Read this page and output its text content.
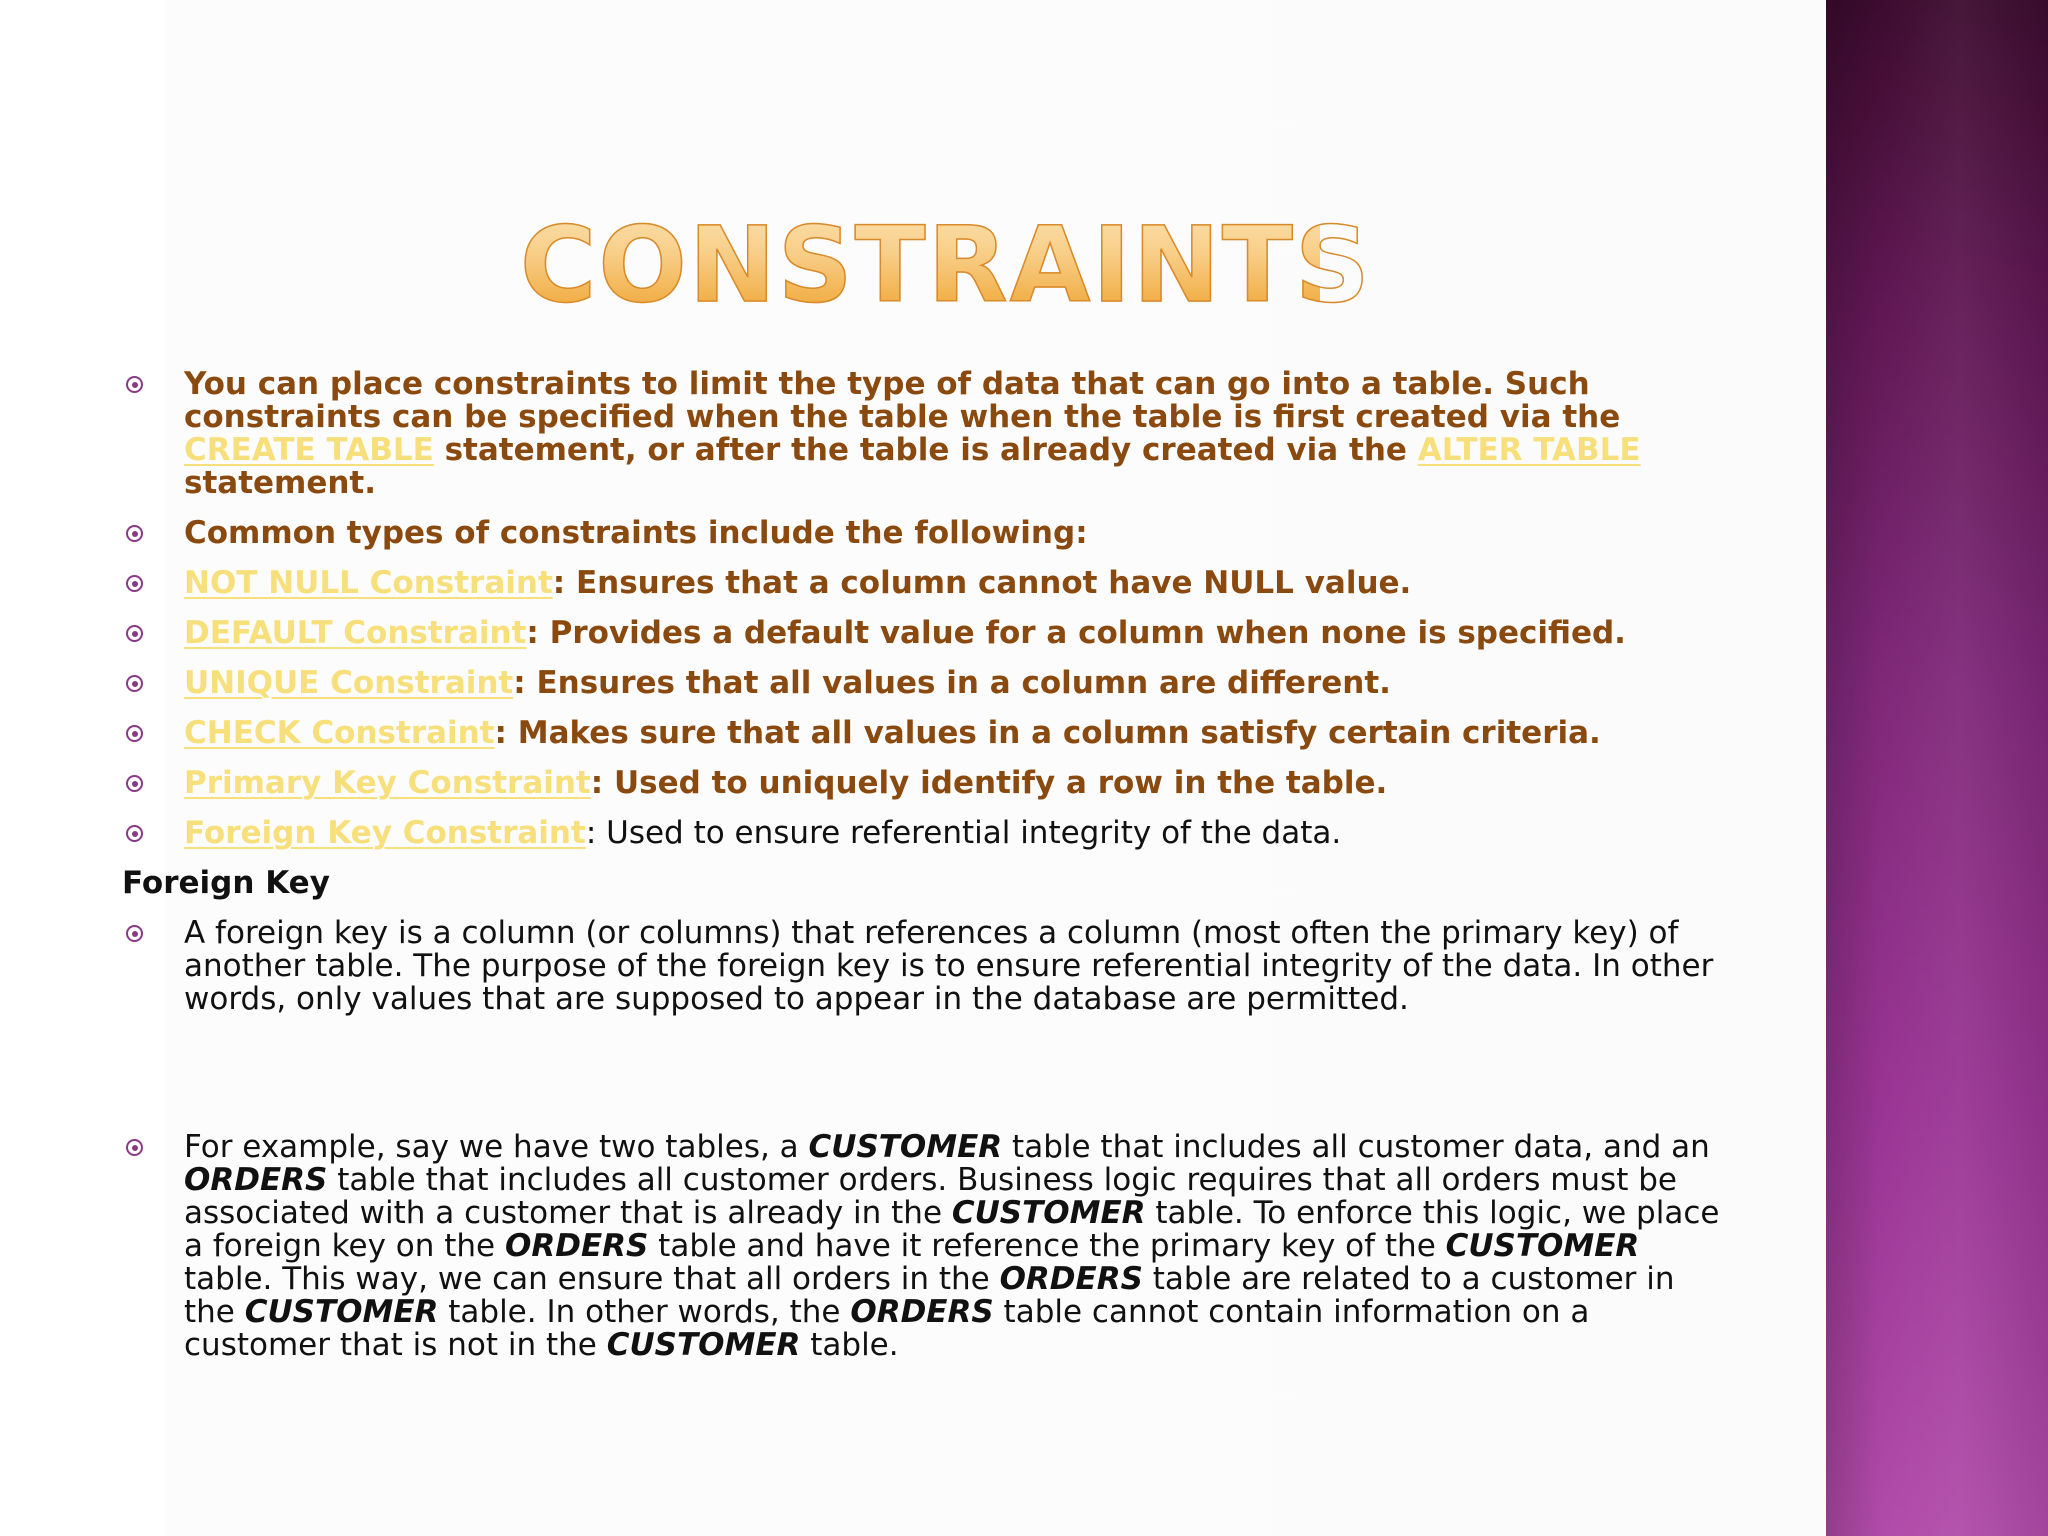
CONSTRAINTS
You can place constraints to limit the type of data that can go into a table. Such constraints can be specified when the table when the table is first created via the CREATE TABLE statement, or after the table is already created via the ALTER TABLE statement.
Common types of constraints include the following:
NOT NULL Constraint: Ensures that a column cannot have NULL value.
DEFAULT Constraint: Provides a default value for a column when none is specified.
UNIQUE Constraint: Ensures that all values in a column are different.
CHECK Constraint: Makes sure that all values in a column satisfy certain criteria.
Primary Key Constraint: Used to uniquely identify a row in the table.
Foreign Key Constraint: Used to ensure referential integrity of the data.
Foreign Key
A foreign key is a column (or columns) that references a column (most often the primary key) of another table. The purpose of the foreign key is to ensure referential integrity of the data. In other words, only values that are supposed to appear in the database are permitted.
For example, say we have two tables, a CUSTOMER table that includes all customer data, and an ORDERS table that includes all customer orders. Business logic requires that all orders must be associated with a customer that is already in the CUSTOMER table. To enforce this logic, we place a foreign key on the ORDERS table and have it reference the primary key of the CUSTOMER table. This way, we can ensure that all orders in the ORDERS table are related to a customer in the CUSTOMER table. In other words, the ORDERS table cannot contain information on a customer that is not in the CUSTOMER table.
